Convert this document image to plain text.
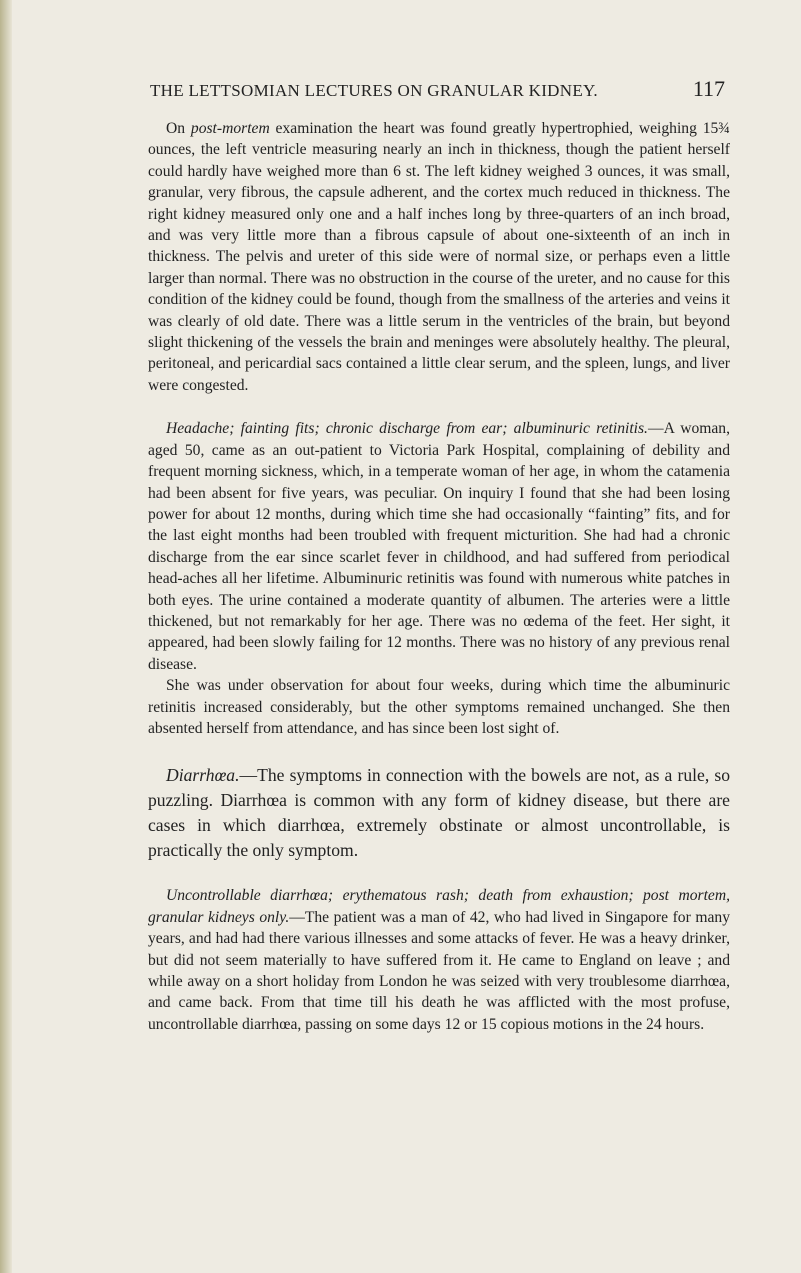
THE LETTSOMIAN LECTURES ON GRANULAR KIDNEY.	117

On post-mortem examination the heart was found greatly hypertrophied, weighing 15¾ ounces, the left ventricle measuring nearly an inch in thickness, though the patient herself could hardly have weighed more than 6 st. The left kidney weighed 3 ounces, it was small, granular, very fibrous, the capsule adherent, and the cortex much reduced in thickness. The right kidney measured only one and a half inches long by three-quarters of an inch broad, and was very little more than a fibrous capsule of about one-sixteenth of an inch in thickness. The pelvis and ureter of this side were of normal size, or perhaps even a little larger than normal. There was no obstruction in the course of the ureter, and no cause for this condition of the kidney could be found, though from the smallness of the arteries and veins it was clearly of old date. There was a little serum in the ventricles of the brain, but beyond slight thickening of the vessels the brain and meninges were absolutely healthy. The pleural, peritoneal, and pericardial sacs contained a little clear serum, and the spleen, lungs, and liver were congested.

Headache; fainting fits; chronic discharge from ear; albuminuric retinitis.—A woman, aged 50, came as an out-patient to Victoria Park Hospital, complaining of debility and frequent morning sickness, which, in a temperate woman of her age, in whom the catamenia had been absent for five years, was peculiar. On inquiry I found that she had been losing power for about 12 months, during which time she had occasionally “fainting” fits, and for the last eight months had been troubled with frequent micturition. She had had a chronic discharge from the ear since scarlet fever in childhood, and had suffered from periodical head-aches all her lifetime. Albuminuric retinitis was found with numerous white patches in both eyes. The urine contained a moderate quantity of albumen. The arteries were a little thickened, but not remarkably for her age. There was no œdema of the feet. Her sight, it appeared, had been slowly failing for 12 months. There was no history of any previous renal disease.

She was under observation for about four weeks, during which time the albuminuric retinitis increased considerably, but the other symptoms remained unchanged. She then absented herself from attendance, and has since been lost sight of.

Diarrhœa.—The symptoms in connection with the bowels are not, as a rule, so puzzling. Diarrhœa is common with any form of kidney disease, but there are cases in which diarrhœa, extremely obstinate or almost uncontrollable, is practically the only symptom.

Uncontrollable diarrhœa; erythematous rash; death from exhaustion; post mortem, granular kidneys only.—The patient was a man of 42, who had lived in Singapore for many years, and had had there various illnesses and some attacks of fever. He was a heavy drinker, but did not seem materially to have suffered from it. He came to England on leave ; and while away on a short holiday from London he was seized with very troublesome diarrhœa, and came back. From that time till his death he was afflicted with the most profuse, uncontrollable diarrhœa, passing on some days 12 or 15 copious motions in the 24 hours.
